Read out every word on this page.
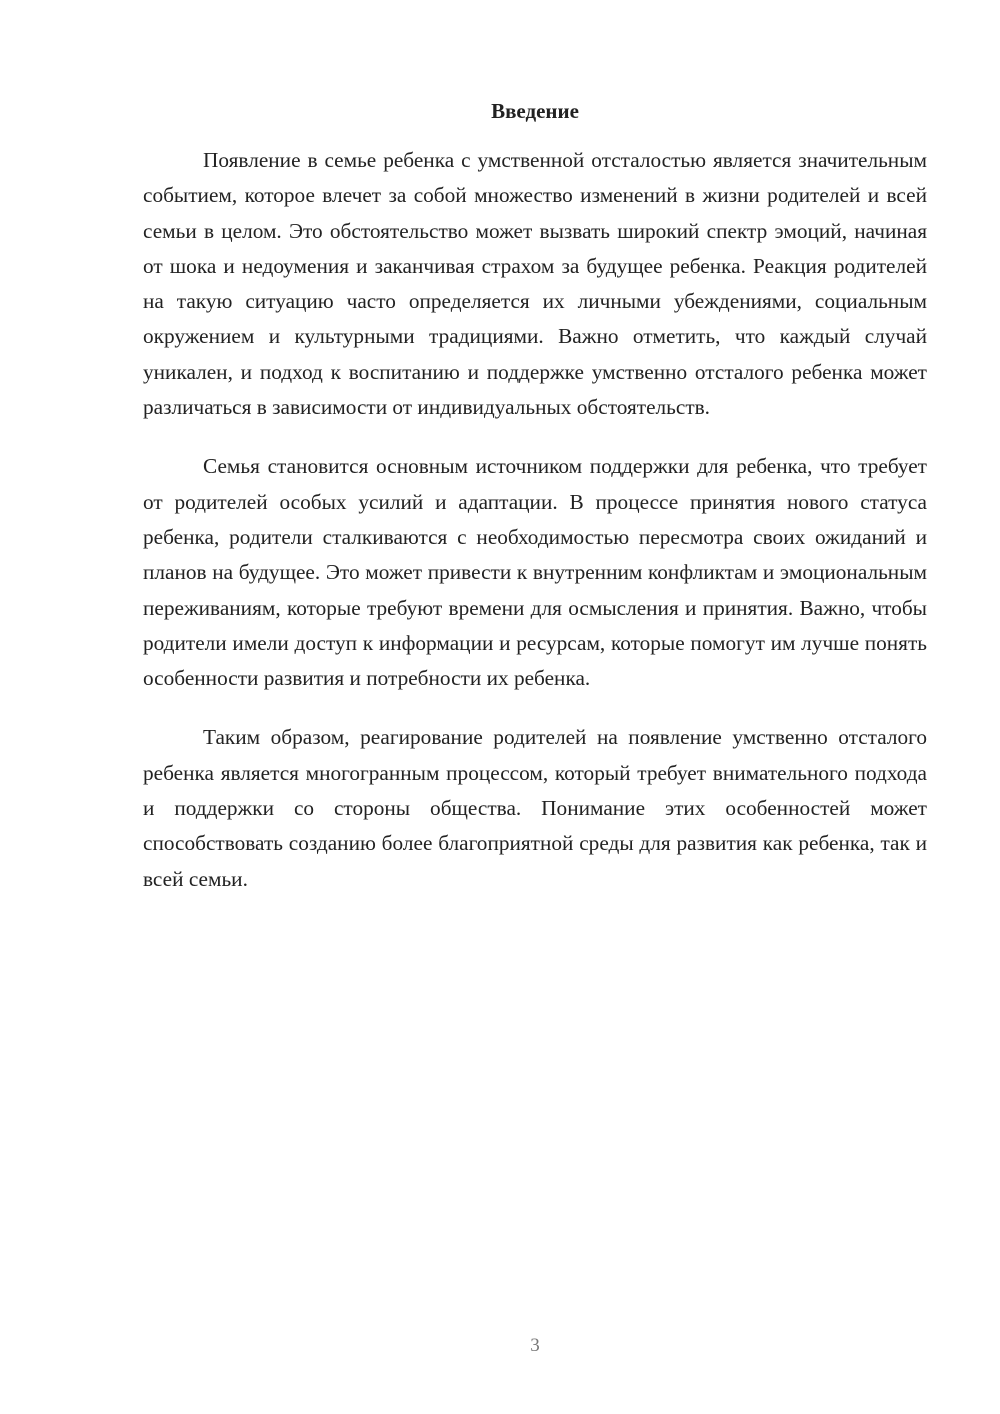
Введение

Появление в семье ребенка с умственной отсталостью является значительным событием, которое влечет за собой множество изменений в жизни родителей и всей семьи в целом. Это обстоятельство может вызвать широкий спектр эмоций, начиная от шока и недоумения и заканчивая страхом за будущее ребенка. Реакция родителей на такую ситуацию часто определяется их личными убеждениями, социальным окружением и культурными традициями. Важно отметить, что каждый случай уникален, и подход к воспитанию и поддержке умственно отсталого ребенка может различаться в зависимости от индивидуальных обстоятельств.

Семья становится основным источником поддержки для ребенка, что требует от родителей особых усилий и адаптации. В процессе принятия нового статуса ребенка, родители сталкиваются с необходимостью пересмотра своих ожиданий и планов на будущее. Это может привести к внутренним конфликтам и эмоциональным переживаниям, которые требуют времени для осмысления и принятия. Важно, чтобы родители имели доступ к информации и ресурсам, которые помогут им лучше понять особенности развития и потребности их ребенка.

Таким образом, реагирование родителей на появление умственно отсталого ребенка является многогранным процессом, который требует внимательного подхода и поддержки со стороны общества. Понимание этих особенностей может способствовать созданию более благоприятной среды для развития как ребенка, так и всей семьи.

3
